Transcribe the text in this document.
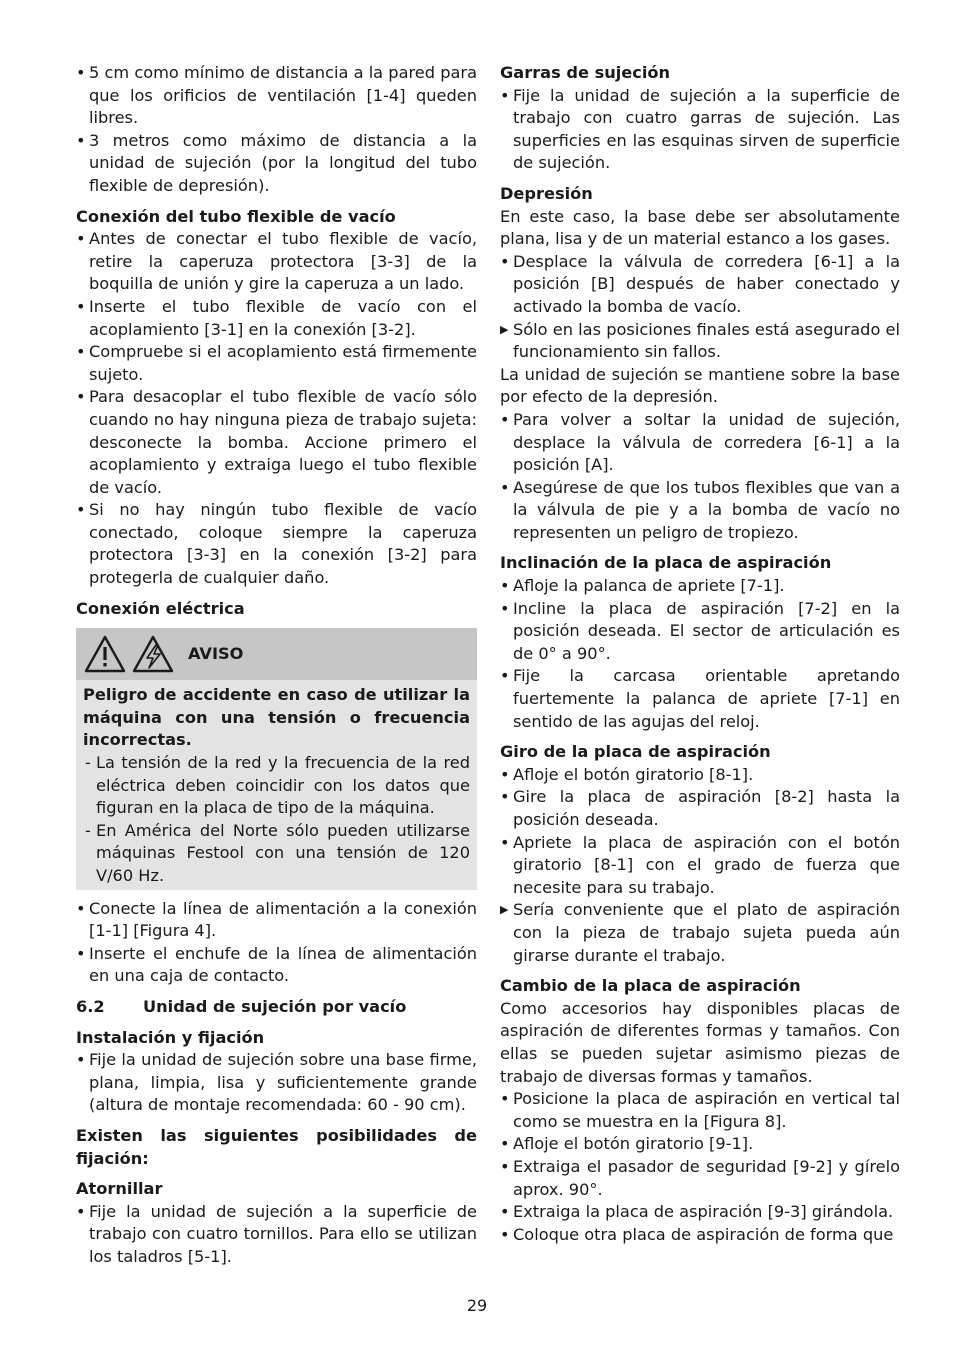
• 5 cm como mínimo de distancia a la pared para que los orificios de ventilación [1-4] queden libres.

• 3 metros como máximo de distancia a la unidad de sujeción (por la longitud del tubo flexible de depresión).

Conexión del tubo flexible de vacío

• Antes de conectar el tubo flexible de vacío, retire la caperuza protectora [3-3] de la boquilla de unión y gire la caperuza a un lado.

• Inserte el tubo flexible de vacío con el acoplamiento [3-1] en la conexión [3-2].

• Compruebe si el acoplamiento está firmemente sujeto.

• Para desacoplar el tubo flexible de vacío sólo cuando no hay ninguna pieza de trabajo sujeta: desconecte la bomba. Accione primero el acoplamiento y extraiga luego el tubo flexible de vacío.

• Si no hay ningún tubo flexible de vacío conectado, coloque siempre la caperuza protectora [3-3] en la conexión [3-2] para protegerla de cualquier daño.

Conexión eléctrica

AVISO

Peligro de accidente en caso de utilizar la máquina con una tensión o frecuencia incorrectas.

- La tensión de la red y la frecuencia de la red eléctrica deben coincidir con los datos que figuran en la placa de tipo de la máquina.

- En América del Norte sólo pueden utilizarse máquinas Festool con una tensión de 120 V/60 Hz.

• Conecte la línea de alimentación a la conexión [1-1] [Figura 4].

• Inserte el enchufe de la línea de alimentación en una caja de contacto.

6.2	Unidad de sujeción por vacío

Instalación y fijación

• Fije la unidad de sujeción sobre una base firme, plana, limpia, lisa y suficientemente grande (altura de montaje recomendada: 60 - 90 cm).

Existen las siguientes posibilidades de fijación:

Atornillar

• Fije la unidad de sujeción a la superficie de trabajo con cuatro tornillos. Para ello se utilizan los taladros [5-1].

Garras de sujeción

• Fije la unidad de sujeción a la superficie de trabajo con cuatro garras de sujeción. Las superficies en las esquinas sirven de superficie de sujeción.

Depresión

En este caso, la base debe ser absolutamente plana, lisa y de un material estanco a los gases.

• Desplace la válvula de corredera [6-1] a la posición [B] después de haber conectado y activado la bomba de vacío.

▶ Sólo en las posiciones finales está asegurado el funcionamiento sin fallos.

La unidad de sujeción se mantiene sobre la base por efecto de la depresión.

• Para volver a soltar la unidad de sujeción, desplace la válvula de corredera [6-1] a la posición [A].

• Asegúrese de que los tubos flexibles que van a la válvula de pie y a la bomba de vacío no representen un peligro de tropiezo.

Inclinación de la placa de aspiración

• Afloje la palanca de apriete [7-1].

• Incline la placa de aspiración [7-2] en la posición deseada. El sector de articulación es de 0° a 90°.

• Fije la carcasa orientable apretando fuertemente la palanca de apriete [7-1] en sentido de las agujas del reloj.

Giro de la placa de aspiración

• Afloje el botón giratorio [8-1].

• Gire la placa de aspiración [8-2] hasta la posición deseada.

• Apriete la placa de aspiración con el botón giratorio [8-1] con el grado de fuerza que necesite para su trabajo.

▶ Sería conveniente que el plato de aspiración con la pieza de trabajo sujeta pueda aún girarse durante el trabajo.

Cambio de la placa de aspiración

Como accesorios hay disponibles placas de aspiración de diferentes formas y tamaños. Con ellas se pueden sujetar asimismo piezas de trabajo de diversas formas y tamaños.

• Posicione la placa de aspiración en vertical tal como se muestra en la [Figura 8].

• Afloje el botón giratorio [9-1].

• Extraiga el pasador de seguridad [9-2] y gírelo aprox. 90°.

• Extraiga la placa de aspiración [9-3] girándola.

• Coloque otra placa de aspiración de forma que

29
